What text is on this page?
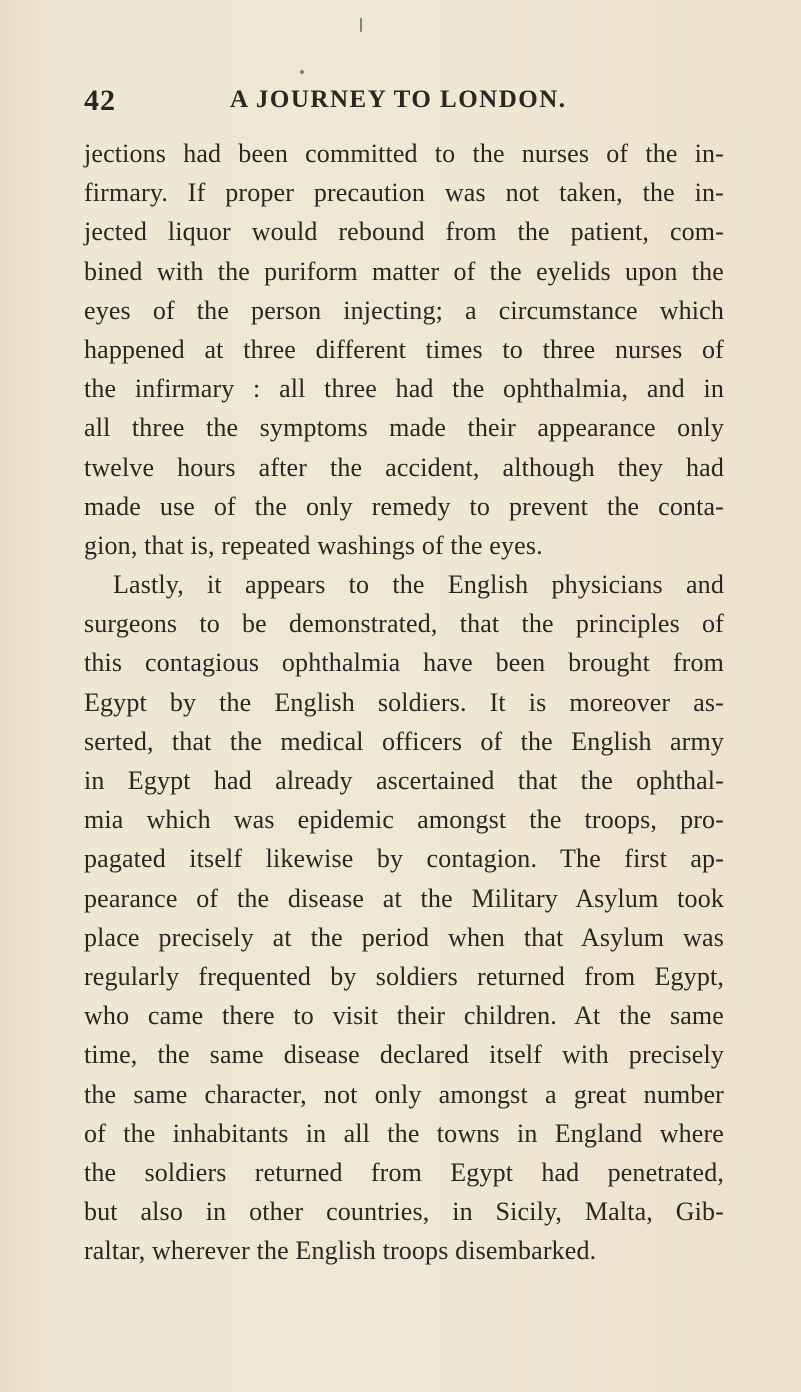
42	A JOURNEY TO LONDON.
jections had been committed to the nurses of the in-
firmary. If proper precaution was not taken, the in-
jected liquor would rebound from the patient, com-
bined with the puriform matter of the eyelids upon the
eyes of the person injecting; a circumstance which
happened at three different times to three nurses of
the infirmary : all three had the ophthalmia, and in
all three the symptoms made their appearance only
twelve hours after the accident, although they had
made use of the only remedy to prevent the conta-
gion, that is, repeated washings of the eyes.
Lastly, it appears to the English physicians and
surgeons to be demonstrated, that the principles of
this contagious ophthalmia have been brought from
Egypt by the English soldiers. It is moreover as-
serted, that the medical officers of the English army
in Egypt had already ascertained that the ophthal-
mia which was epidemic amongst the troops, pro-
pagated itself likewise by contagion. The first ap-
pearance of the disease at the Military Asylum took
place precisely at the period when that Asylum was
regularly frequented by soldiers returned from Egypt,
who came there to visit their children. At the same
time, the same disease declared itself with precisely
the same character, not only amongst a great number
of the inhabitants in all the towns in England where
the soldiers returned from Egypt had penetrated,
but also in other countries, in Sicily, Malta, Gib-
raltar, wherever the English troops disembarked.
